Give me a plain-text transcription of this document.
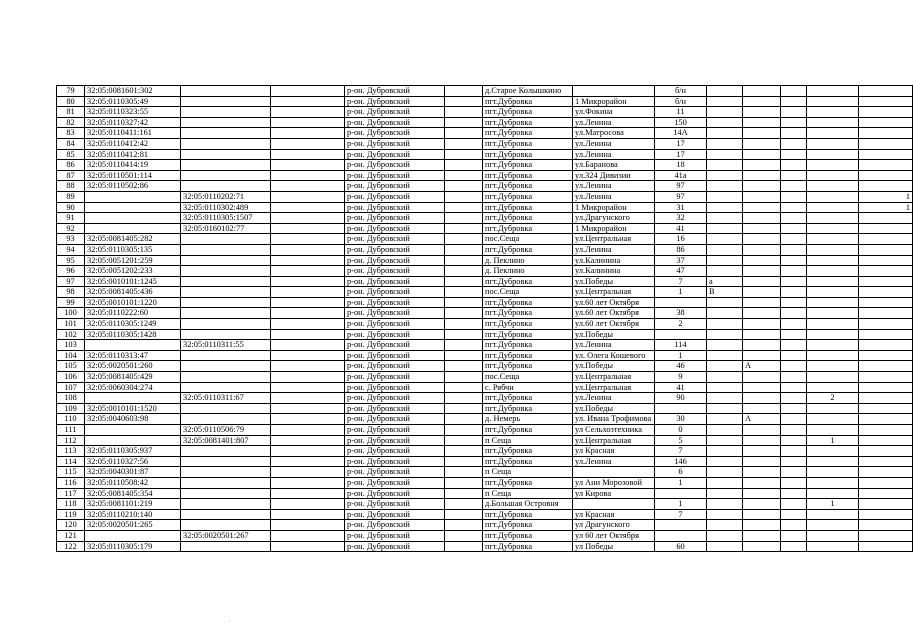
79	32:05:0081601:302			р-он. Дубровский		д.Старое Колышкино		б/н					
80	32:05:0110305:49			р-он. Дубровский		пгт.Дубровка	1 Микрорайон	б/н					
81	32:05:0110323:55			р-он. Дубровский		пгт.Дубровка	ул.Фокина	11					
82	32:05:0110327:42			р-он. Дубровский		пгт.Дубровка	ул.Ленина	150					
83	32:05:0110411:161			р-он. Дубровский		пгт.Дубровка	ул.Матросова	14А					
84	32:05:0110412:42			р-он. Дубровский		пгт.Дубровка	ул.Ленина	17					
85	32:05:0110412:81			р-он. Дубровский		пгт.Дубровка	ул.Ленина	17					
86	32:05:0110414:19			р-он. Дубровский		пгт.Дубровка	ул.Баранова	18					
87	32:05:0110501:114			р-он. Дубровский		пгт.Дубровка	ул.324 Дивизии	41а					
88	32:05:0110502:86			р-он. Дубровский		пгт.Дубровка	ул.Ленина	97					
89		32:05:0110202:71		р-он. Дубровский		пгт.Дубровка	ул.Ленина	97					1
90		32:05:0110302:489		р-он. Дубровский		пгт.Дубровка	1 Микрорайон	31					1
91		32:05:0110305:1507		р-он. Дубровский		пгт.Дубровка	ул.Драгунского	32					
92		32:05:0160102:77		р-он. Дубровский		пгт.Дубровка	1 Микрорайон	41					
93	32:05:0081405:282			р-он. Дубровский		пос.Сеща	ул.Центральная	16					
94	32:05:0110305:135			р-он. Дубровский		пгт.Дубровка	ул.Ленина	86					
95	32:05:0051201:259			р-он. Дубровский		д. Пеклино	ул.Калинина	37					
96	32:05:0051202:233			р-он. Дубровский		д. Пеклино	ул.Калинина	47					
97	32:05:0010101:1245			р-он. Дубровский		пгт.Дубровка	ул.Победы	7	а				
98	32:05:0081405:436			р-он. Дубровский		пос.Сеща	ул.Центральная	1	В				
99	32:05:0010101:1220			р-он. Дубровский		пгт.Дубровка	ул.60 лет Октября						
100	32:05:0110222:60			р-он. Дубровский		пгт.Дубровка	ул.60 лет Октября	38					
101	32:05:0110305:1249			р-он. Дубровский		пгт.Дубровка	ул.60 лет Октября	2					
102	32:05:0110305:1428			р-он. Дубровский		пгт.Дубровка	ул.Победы						
103		32:05:0110311:55		р-он. Дубровский		пгт.Дубровка	ул.Ленина	114					
104	32:05:0110313:47			р-он. Дубровский		пгт.Дубровка	ул. Олега Кошевого	1					
105	32:05:0020501:260			р-он. Дубровский		пгт.Дубровка	ул.Победы	46		А			
106	32:05:0081405:429			р-он. Дубровский		пос.Сеща	ул.Центральная	9					
107	32:05:0060304:274			р-он. Дубровский		с. Рябчи	ул.Центральная	41					
108		32:05:0110311:67		р-он. Дубровский		пгт.Дубровка	ул.Ленина	90				2	
109	32:05:0010101:1520			р-он. Дубровский		пгт.Дубровка	ул.Победы						
110	32:05:0040603:98			р-он. Дубровский		д. Немерь	ул. Ивана Трофимова	30		А			
111		32:05:0110506:79		р-он. Дубровский		пгт.Дубровка	ул Сельхозтехника	0					
112		32:05:0081401:807		р-он. Дубровский		п Сеща	ул.Центральная	5				1	
113	32:05:0110305:937			р-он. Дубровский		пгт.Дубровка	ул Красная	7					
114	32:05:0110327:56			р-он. Дубровский		пгт.Дубровка	ул.Ленина	146					
115	32:05:0040301:87			р-он. Дубровский		п Сеща		6					
116	32:05:0110508:42			р-он. Дубровский		пгт.Дубровка	ул Ани Морозовой	1					
117	32:05:0081405:354			р-он. Дубровский		п Сеща	ул Кирова						
118	32:05:0081101:219			р-он. Дубровский		д.Большая Островня		1				1	
119	32:05:0110210:140			р-он. Дубровский		пгт.Дубровка	ул Красная	7					
120	32:05:0020501:265			р-он. Дубровский		пгт.Дубровка	ул Драгунского						
121		32:05:0020501:267		р-он. Дубровский		пгт.Дубровка	ул 60 лет Октября						
122	32:05:0110305:179			р-он. Дубровский		пгт.Дубровка	ул Победы	60					
·
